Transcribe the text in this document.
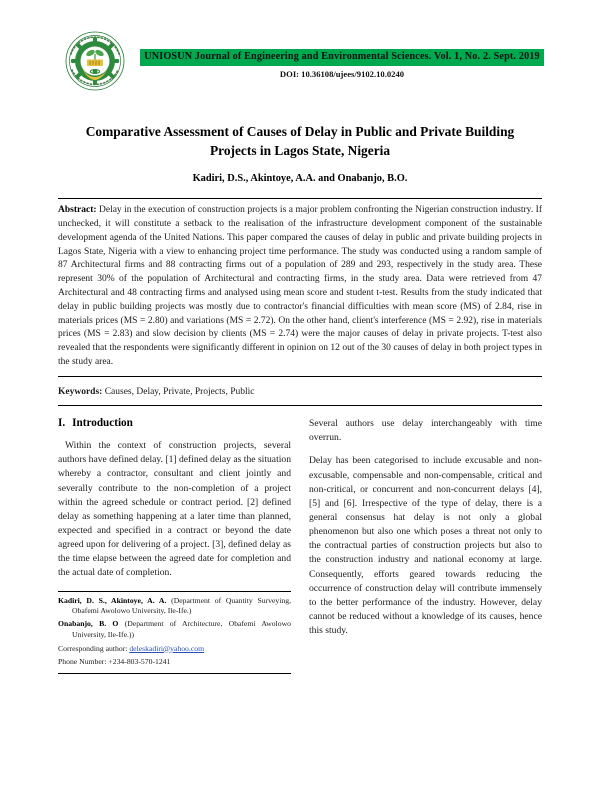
UNIOSUN Journal of Engineering and Environmental Sciences. Vol. 1, No. 2. Sept. 2019
DOI: 10.36108/ujees/9102.10.0240
Comparative Assessment of Causes of Delay in Public and Private Building Projects in Lagos State, Nigeria
Kadiri, D.S., Akintoye, A.A. and Onabanjo, B.O.

Abstract: Delay in the execution of construction projects is a major problem confronting the Nigerian construction industry. If unchecked, it will constitute a setback to the realisation of the infrastructure development component of the sustainable development agenda of the United Nations. This paper compared the causes of delay in public and private building projects in Lagos State, Nigeria with a view to enhancing project time performance. The study was conducted using a random sample of 87 Architectural firms and 88 contracting firms out of a population of 289 and 293, respectively in the study area. These represent 30% of the population of Architectural and contracting firms, in the study area. Data were retrieved from 47 Architectural and 48 contracting firms and analysed using mean score and student t-test. Results from the study indicated that delay in public building projects was mostly due to contractor's financial difficulties with mean score (MS) of 2.84, rise in materials prices (MS = 2.80) and variations (MS = 2.72). On the other hand, client's interference (MS = 2.92), rise in materials prices (MS = 2.83) and slow decision by clients (MS = 2.74) were the major causes of delay in private projects. T-test also revealed that the respondents were significantly different in opinion on 12 out of the 30 causes of delay in both project types in the study area.

Keywords: Causes, Delay, Private, Projects, Public
I. Introduction

Within the context of construction projects, several authors have defined delay. [1] defined delay as the situation whereby a contractor, consultant and client jointly and severally contribute to the non-completion of a project within the agreed schedule or contract period. [2] defined delay as something happening at a later time than planned, expected and specified in a contract or beyond the date agreed upon for delivering of a project. [3], defined delay as the time elapse between the agreed date for completion and the actual date of completion.

Kadiri, D. S., Akintoye, A. A. (Department of Quantity Surveying, Obafemi Awolowo University, Ile-Ife.)

Onabanjo, B. O (Department of Architecture, Obafemi Awolowo University, Ile-Ife.))

Corresponding author: deleskadiri@yahoo.com

Phone Number: +234-803-570-1241

Several authors use delay interchangeably with time overrun.

Delay has been categorised to include excusable and non-excusable, compensable and non-compensable, critical and non-critical, or concurrent and non-concurrent delays [4], [5] and [6]. Irrespective of the type of delay, there is a general consensus hat delay is not only a global phenomenon but also one which poses a threat not only to the contractual parties of construction projects but also to the construction industry and national economy at large. Consequently, efforts geared towards reducing the occurrence of construction delay will contribute immensely to the better performance of the industry. However, delay cannot be reduced without a knowledge of its causes, hence this study.
